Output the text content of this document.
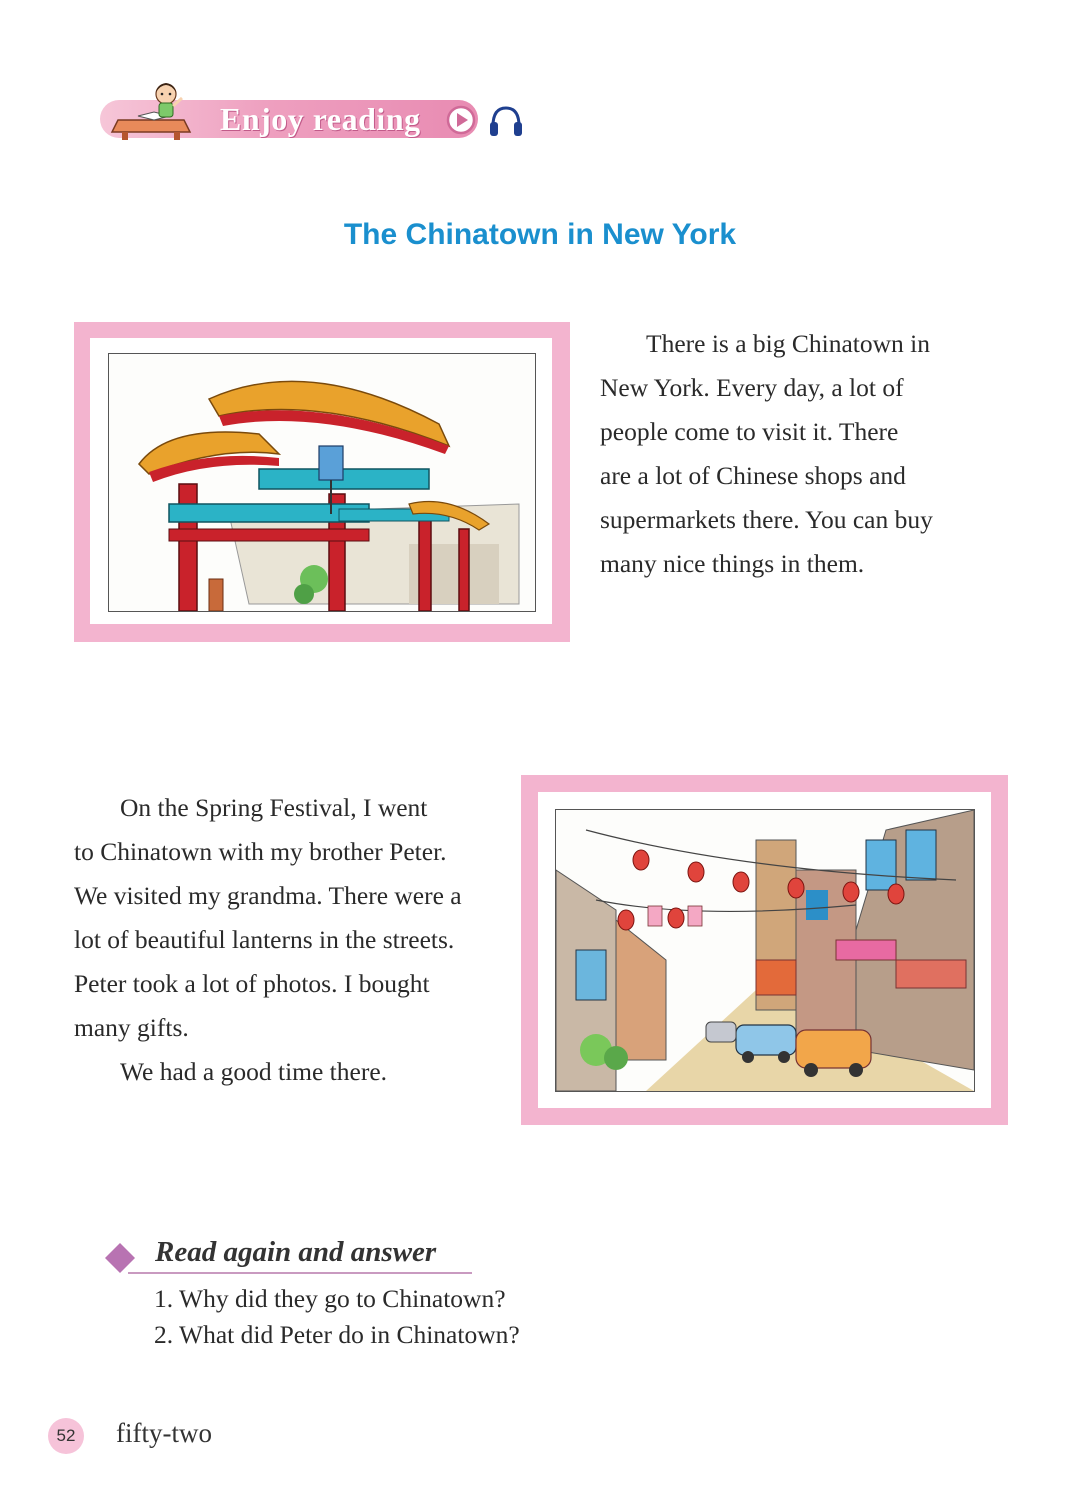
Enjoy reading
The Chinatown in New York

There is a big Chinatown in

New York. Every day, a lot of

people come to visit it. There

are a lot of Chinese shops and

supermarkets there. You can buy

many nice things in them.

On the Spring Festival, I went

to Chinatown with my brother Peter.

We visited my grandma. There were a

lot of beautiful lanterns in the streets.

Peter took a lot of photos. I bought

many gifts.

We had a good time there.

Read again and answer
1. Why did they go to Chinatown?
2. What did Peter do in Chinatown?
52	fifty-two
